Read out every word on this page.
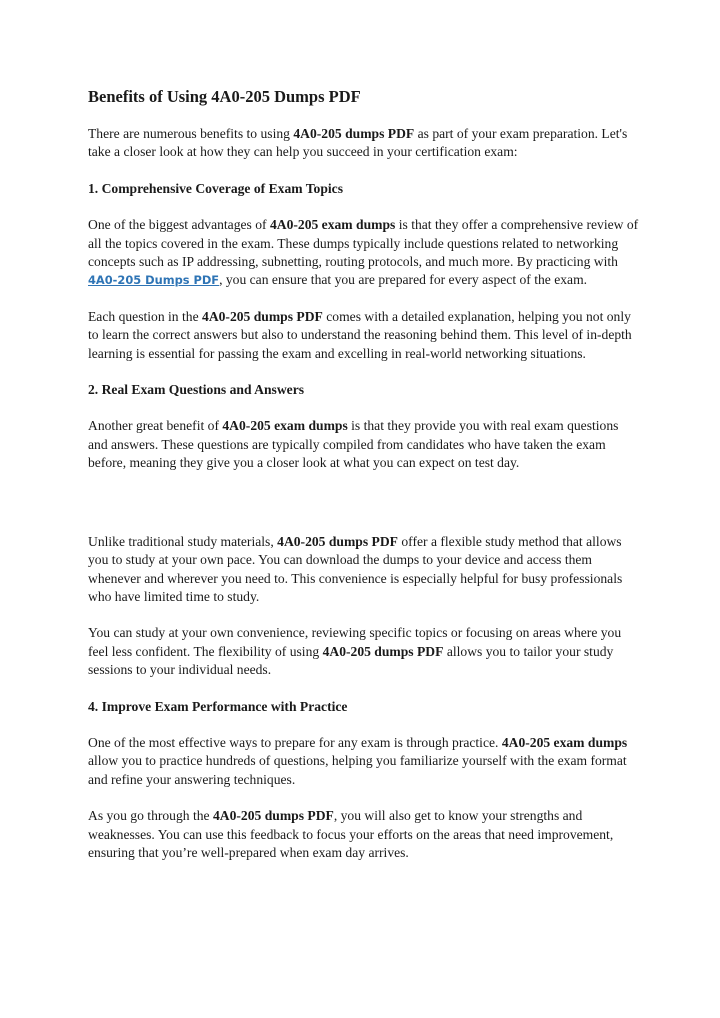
Benefits of Using 4A0-205 Dumps PDF

There are numerous benefits to using 4A0-205 dumps PDF as part of your exam preparation. Let's take a closer look at how they can help you succeed in your certification exam:

1. Comprehensive Coverage of Exam Topics

One of the biggest advantages of 4A0-205 exam dumps is that they offer a comprehensive review of all the topics covered in the exam. These dumps typically include questions related to networking concepts such as IP addressing, subnetting, routing protocols, and much more. By practicing with 4A0-205 Dumps PDF, you can ensure that you are prepared for every aspect of the exam.

Each question in the 4A0-205 dumps PDF comes with a detailed explanation, helping you not only to learn the correct answers but also to understand the reasoning behind them. This level of in-depth learning is essential for passing the exam and excelling in real-world networking situations.

2. Real Exam Questions and Answers

Another great benefit of 4A0-205 exam dumps is that they provide you with real exam questions and answers. These questions are typically compiled from candidates who have taken the exam before, meaning they give you a closer look at what you can expect on test day.

Unlike traditional study materials, 4A0-205 dumps PDF offer a flexible study method that allows you to study at your own pace. You can download the dumps to your device and access them whenever and wherever you need to. This convenience is especially helpful for busy professionals who have limited time to study.

You can study at your own convenience, reviewing specific topics or focusing on areas where you feel less confident. The flexibility of using 4A0-205 dumps PDF allows you to tailor your study sessions to your individual needs.

4. Improve Exam Performance with Practice

One of the most effective ways to prepare for any exam is through practice. 4A0-205 exam dumps allow you to practice hundreds of questions, helping you familiarize yourself with the exam format and refine your answering techniques.

As you go through the 4A0-205 dumps PDF, you will also get to know your strengths and weaknesses. You can use this feedback to focus your efforts on the areas that need improvement, ensuring that you’re well-prepared when exam day arrives.
